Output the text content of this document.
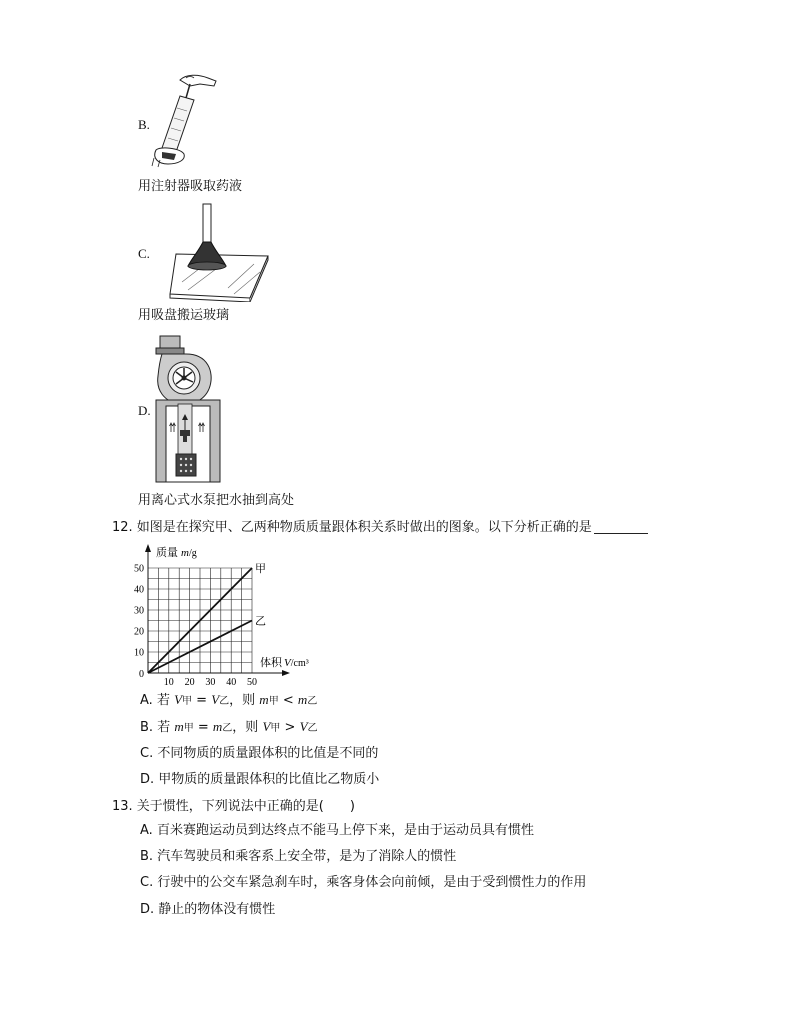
B.
用注射器吸取药液
C.
用吸盘搬运玻璃
D.
用离心式水泵把水抽到高处
12. 如图是在探究甲、乙两种物质质量跟体积关系时做出的图象。以下分析正确的是
10 20 30 40 50
10
20
30
40
50
0
甲
乙
质量 m/g
体积 V/cm³
A. 若 V甲 = V乙，则 m甲 < m乙
B. 若 m甲 = m乙，则 V甲 > V乙
C. 不同物质的质量跟体积的比值是不同的
D. 甲物质的质量跟体积的比值比乙物质小
13. 关于惯性，下列说法中正确的是(　　)
A. 百米赛跑运动员到达终点不能马上停下来，是由于运动员具有惯性
B. 汽车驾驶员和乘客系上安全带，是为了消除人的惯性
C. 行驶中的公交车紧急刹车时，乘客身体会向前倾，是由于受到惯性力的作用
D. 静止的物体没有惯性
